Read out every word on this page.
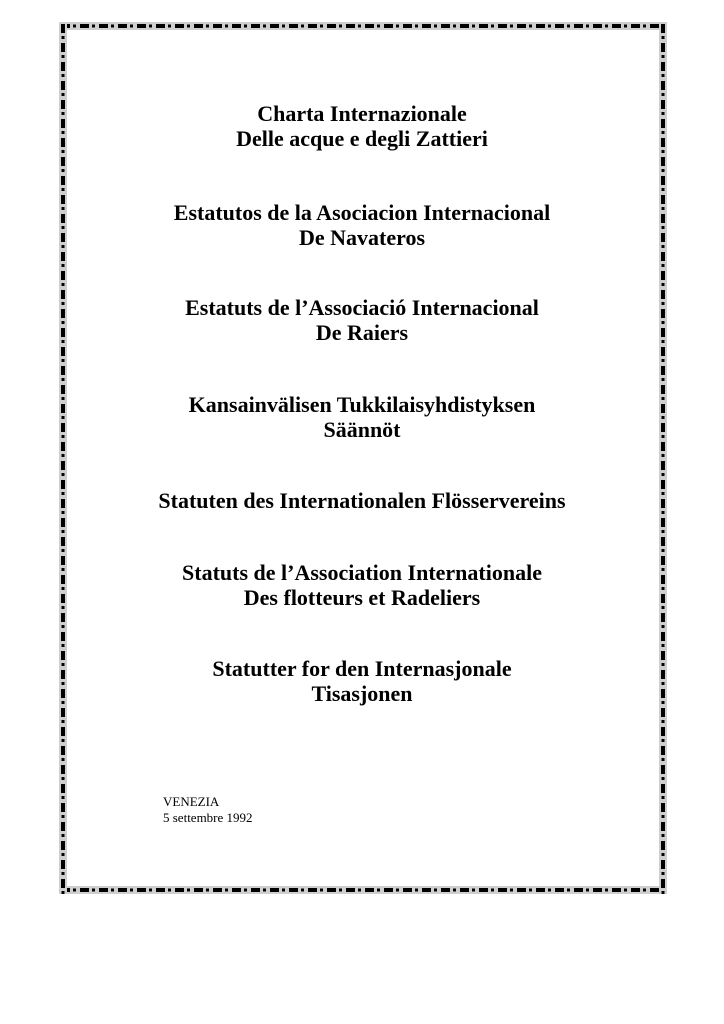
Charta Internazionale
Delle acque e degli Zattieri
Estatutos de la Asociacion Internacional
De Navateros
Estatuts de l’Associació Internacional
De Raiers
Kansainvälisen Tukkilaisyhdistyksen
Säännöt
Statuten des Internationalen Flösservereins
Statuts de l’Association Internationale
Des flotteurs et Radeliers
Statutter for den Internasjonale
Tisasjonen
VENEZIA
5 settembre 1992
